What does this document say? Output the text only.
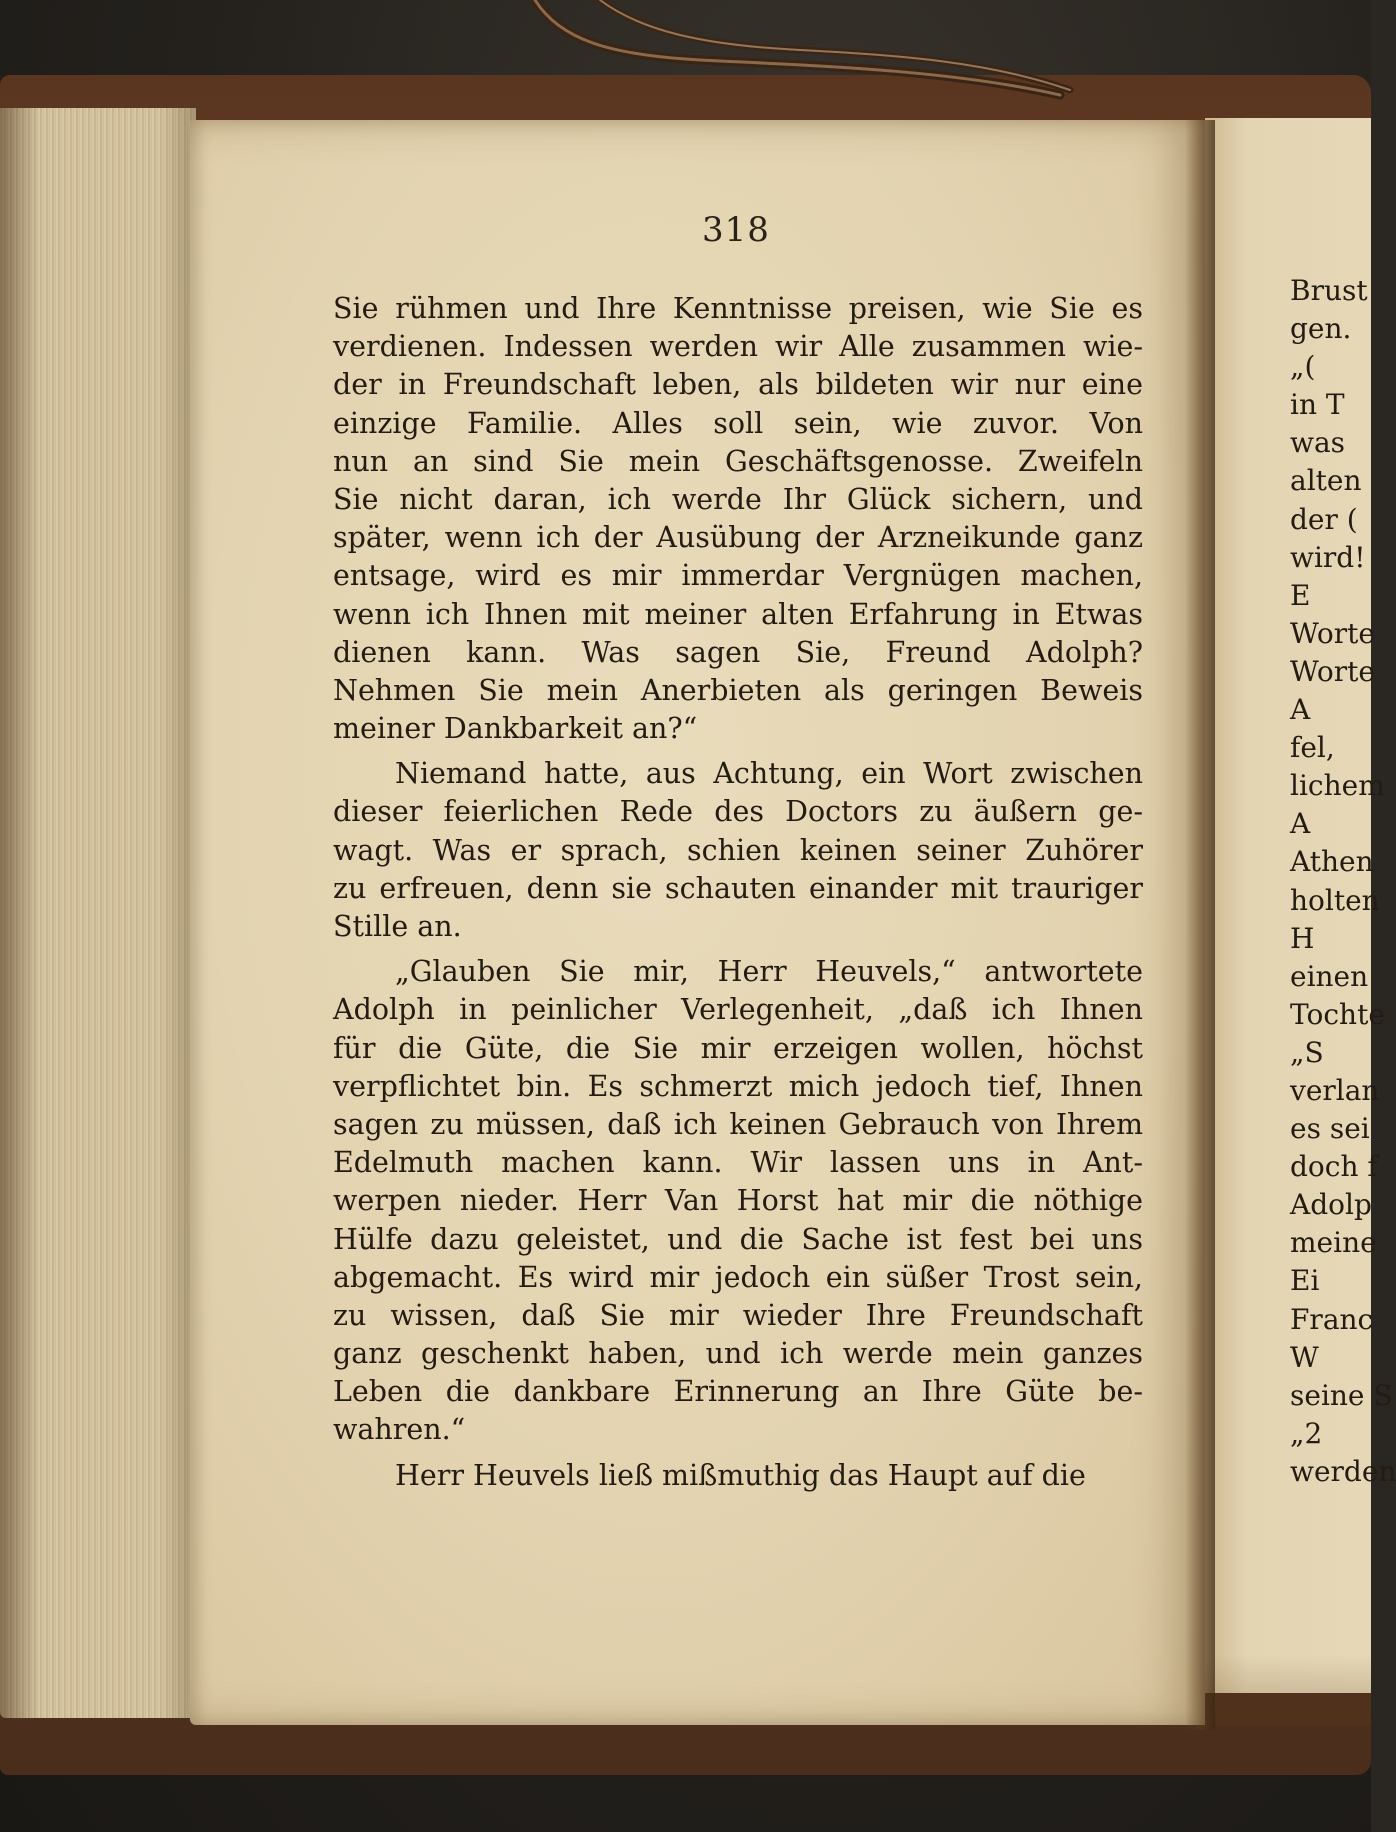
318
Sie rühmen und Ihre Kenntnisse preisen, wie Sie es
verdienen. Indessen werden wir Alle zusammen wie-
der in Freundschaft leben, als bildeten wir nur eine
einzige Familie. Alles soll sein, wie zuvor. Von
nun an sind Sie mein Geschäftsgenosse. Zweifeln
Sie nicht daran, ich werde Ihr Glück sichern, und
später, wenn ich der Ausübung der Arzneikunde ganz
entsage, wird es mir immerdar Vergnügen machen,
wenn ich Ihnen mit meiner alten Erfahrung in Etwas
dienen kann. Was sagen Sie, Freund Adolph?
Nehmen Sie mein Anerbieten als geringen Beweis
meiner Dankbarkeit an?“
Niemand hatte, aus Achtung, ein Wort zwischen
dieser feierlichen Rede des Doctors zu äußern ge-
wagt. Was er sprach, schien keinen seiner Zuhörer
zu erfreuen, denn sie schauten einander mit trauriger
Stille an.
„Glauben Sie mir, Herr Heuvels,“ antwortete
Adolph in peinlicher Verlegenheit, „daß ich Ihnen
für die Güte, die Sie mir erzeigen wollen, höchst
verpflichtet bin. Es schmerzt mich jedoch tief, Ihnen
sagen zu müssen, daß ich keinen Gebrauch von Ihrem
Edelmuth machen kann. Wir lassen uns in Ant-
werpen nieder. Herr Van Horst hat mir die nöthige
Hülfe dazu geleistet, und die Sache ist fest bei uns
abgemacht. Es wird mir jedoch ein süßer Trost sein,
zu wissen, daß Sie mir wieder Ihre Freundschaft
ganz geschenkt haben, und ich werde mein ganzes
Leben die dankbare Erinnerung an Ihre Güte be-
wahren.“
Herr Heuvels ließ mißmuthig das Haupt auf die
Brust
gen.
„(
in T
was
alten
der (
wird!
E
Worte
Worte
A
fel,
lichem
A
Athen
holten
H
einen
Tochte
„S
verlan
es sei
doch f
Adolp
meine
Ei
Franc
W
seine S
„2
werden
